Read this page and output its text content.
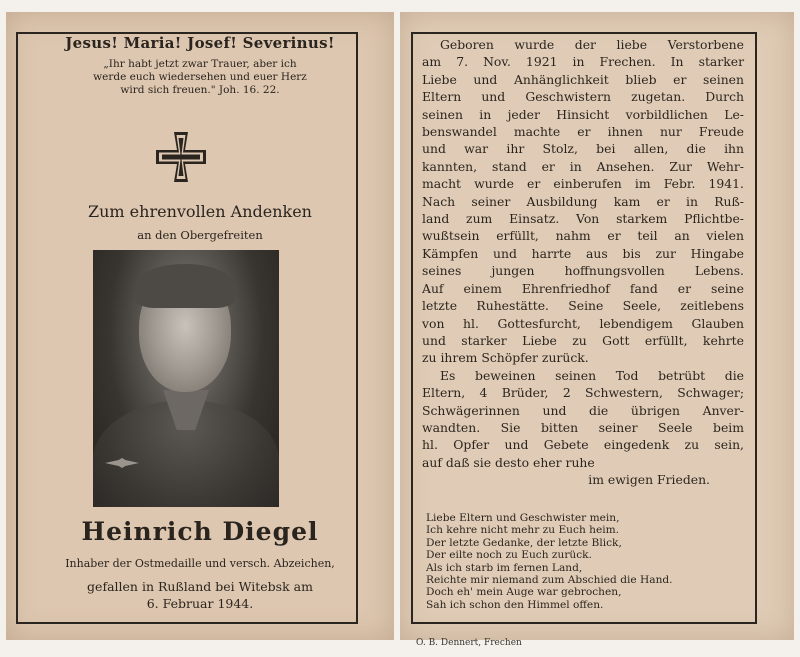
Jesus! Maria! Josef! Severinus!
„Ihr habt jetzt zwar Trauer, aber ich
werde euch wiedersehen und euer Herz
wird sich freuen." Joh. 16. 22.
Zum ehrenvollen Andenken
an den Obergefreiten
Heinrich Diegel
Inhaber der Ostmedaille und versch. Abzeichen,
gefallen in Rußland bei Witebsk am
6. Februar 1944.
Geboren wurde der liebe Verstorbene
am 7. Nov. 1921 in Frechen. In starker
Liebe und Anhänglichkeit blieb er seinen
Eltern und Geschwistern zugetan. Durch
seinen in jeder Hinsicht vorbildlichen Le-
benswandel machte er ihnen nur Freude
und war ihr Stolz, bei allen, die ihn
kannten, stand er in Ansehen. Zur Wehr-
macht wurde er einberufen im Febr. 1941.
Nach seiner Ausbildung kam er in Ruß-
land zum Einsatz. Von starkem Pflichtbe-
wußtsein erfüllt, nahm er teil an vielen
Kämpfen und harrte aus bis zur Hingabe
seines jungen hoffnungsvollen Lebens.
Auf einem Ehrenfriedhof fand er seine
letzte Ruhestätte. Seine Seele, zeitlebens
von hl. Gottesfurcht, lebendigem Glauben
und starker Liebe zu Gott erfüllt, kehrte
zu ihrem Schöpfer zurück.
Es beweinen seinen Tod betrübt die
Eltern, 4 Brüder, 2 Schwestern, Schwager;
Schwägerinnen und die übrigen Anver-
wandten. Sie bitten seiner Seele beim
hl. Opfer und Gebete eingedenk zu sein,
auf daß sie desto eher ruhe
im ewigen Frieden.
Liebe Eltern und Geschwister mein,
Ich kehre nicht mehr zu Euch heim.
Der letzte Gedanke, der letzte Blick,
Der eilte noch zu Euch zurück.
Als ich starb im fernen Land,
Reichte mir niemand zum Abschied die Hand.
Doch eh' mein Auge war gebrochen,
Sah ich schon den Himmel offen.
O. B. Dennert, Frechen
